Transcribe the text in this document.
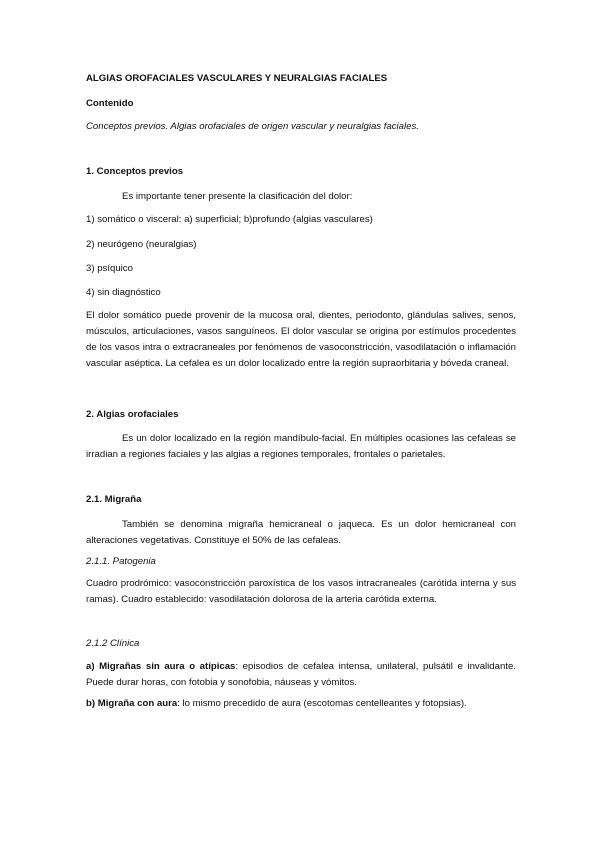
ALGIAS OROFACIALES VASCULARES Y NEURALGIAS FACIALES

Contenido

Conceptos previos. Algias orofaciales de origen vascular y neuralgias faciales.

1. Conceptos previos

Es importante tener presente la clasificación del dolor:

1) somático o visceral: a) superficial; b)profundo (algias vasculares)

2) neurógeno (neuralgias)

3) psíquico

4) sin diagnóstico

El dolor somático puede provenir de la mucosa oral, dientes, periodonto, glándulas salives, senos, músculos, articulaciones, vasos sanguíneos. El dolor vascular se origina por estímulos procedentes de los vasos intra o extracraneales por fenómenos de vasoconstricción, vasodilatación o inflamación vascular aséptica. La cefalea es un dolor localizado entre la región supraorbitaria y bóveda craneal.

2. Algias orofaciales

Es un dolor localizado en la región mandíbulo-facial. En múltiples ocasiones las cefaleas se irradian a regiones faciales y las algias a regiones temporales, frontales o parietales.

2.1. Migraña

También se denomina migraña hemicraneal o jaqueca. Es un dolor hemicraneal con alteraciones vegetativas. Constituye el 50% de las cefaleas.

2.1.1. Patogenia

Cuadro prodrómico: vasoconstricción paroxística de los vasos intracraneales (carótida interna y sus ramas). Cuadro establecido: vasodilatación dolorosa de la arteria carótida externa.

2.1.2 Clínica

a) Migrañas sin aura o atípicas: episodios de cefalea intensa, unilateral, pulsátil e invalidante. Puede durar horas, con fotobia y sonofobia, náuseas y vómitos.

b) Migraña con aura: lo mismo precedido de aura (escotomas centelleantes y fotopsias).
